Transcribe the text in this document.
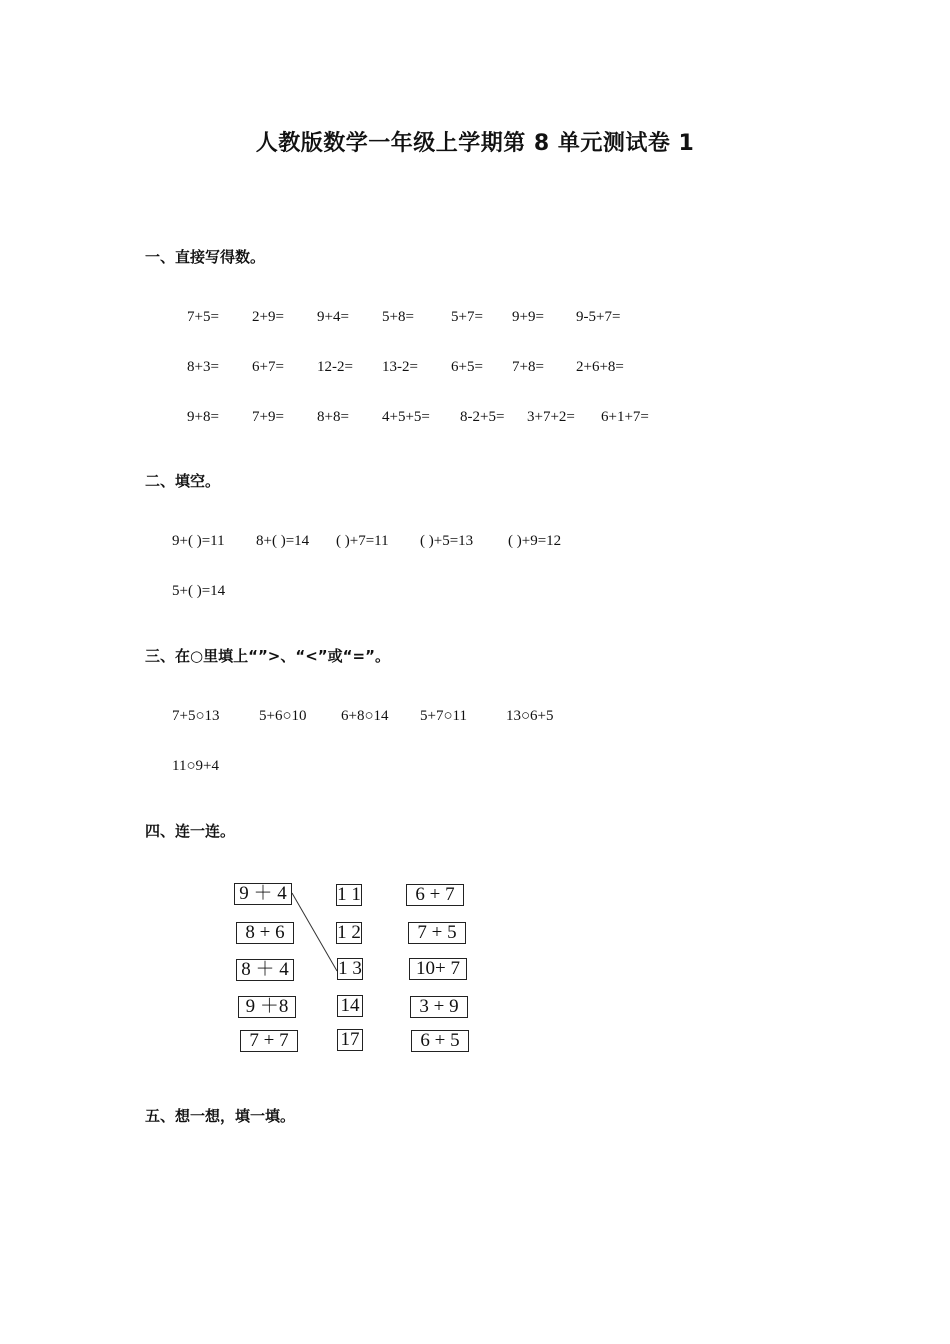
人教版数学一年级上学期第 8 单元测试卷 1
一、直接写得数。
7+5= 2+9= 9+4= 5+8= 5+7= 9+9= 9-5+7=
8+3= 6+7= 12-2= 13-2= 6+5= 7+8= 2+6+8=
9+8= 7+9= 8+8= 4+5+5= 8-2+5= 3+7+2= 6+1+7=
二、填空。
9+( )=11 8+( )=14 ( )+7=11 ( )+5=13 ( )+9=12
5+( )=14
三、在○里填上“”>、“<”或“=”。
7+5○13	5+6○10 6+8○14 5+7○11	13○6+5
11○9+4
四、连一连。
9 ＋ 4
8 + 6
8 ＋ 4
9 ＋8
7 + 7
1 1
1 2
1 3
14
17
6 + 7
7 + 5
10+ 7
3 + 9
6 + 5
五、想一想，填一填。
